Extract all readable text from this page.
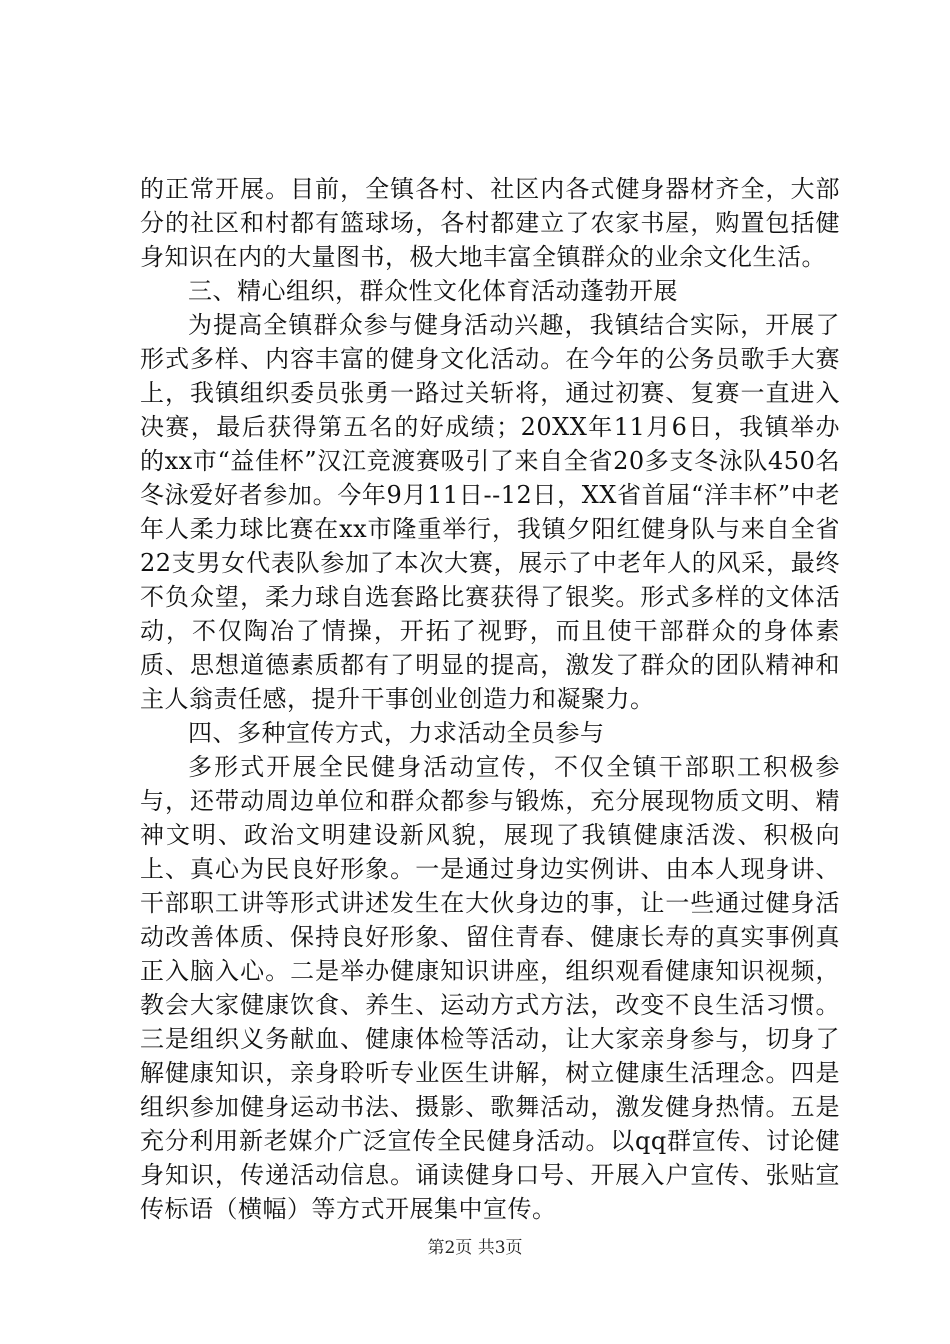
的正常开展。目前，全镇各村、社区内各式健身器材齐全，大部分的社区和村都有篮球场，各村都建立了农家书屋，购置包括健身知识在内的大量图书，极大地丰富全镇群众的业余文化生活。

三、精心组织，群众性文化体育活动蓬勃开展

为提高全镇群众参与健身活动兴趣，我镇结合实际，开展了形式多样、内容丰富的健身文化活动。在今年的公务员歌手大赛上，我镇组织委员张勇一路过关斩将，通过初赛、复赛一直进入决赛，最后获得第五名的好成绩；20XX年11月6日，我镇举办的xx市“益佳杯”汉江竞渡赛吸引了来自全省20多支冬泳队450名冬泳爱好者参加。今年9月11日--12日，XX省首届“洋丰杯”中老年人柔力球比赛在xx市隆重举行，我镇夕阳红健身队与来自全省22支男女代表队参加了本次大赛，展示了中老年人的风采，最终不负众望，柔力球自选套路比赛获得了银奖。形式多样的文体活动，不仅陶冶了情操，开拓了视野，而且使干部群众的身体素质、思想道德素质都有了明显的提高，激发了群众的团队精神和主人翁责任感，提升干事创业创造力和凝聚力。

四、多种宣传方式，力求活动全员参与

多形式开展全民健身活动宣传，不仅全镇干部职工积极参与，还带动周边单位和群众都参与锻炼，充分展现物质文明、精神文明、政治文明建设新风貌，展现了我镇健康活泼、积极向上、真心为民良好形象。一是通过身边实例讲、由本人现身讲、干部职工讲等形式讲述发生在大伙身边的事，让一些通过健身活动改善体质、保持良好形象、留住青春、健康长寿的真实事例真正入脑入心。二是举办健康知识讲座，组织观看健康知识视频，教会大家健康饮食、养生、运动方式方法，改变不良生活习惯。三是组织义务献血、健康体检等活动，让大家亲身参与，切身了解健康知识，亲身聆听专业医生讲解，树立健康生活理念。四是组织参加健身运动书法、摄影、歌舞活动，激发健身热情。五是充分利用新老媒介广泛宣传全民健身活动。以qq群宣传、讨论健身知识，传递活动信息。诵读健身口号、开展入户宣传、张贴宣传标语（横幅）等方式开展集中宣传。

第2页 共3页
